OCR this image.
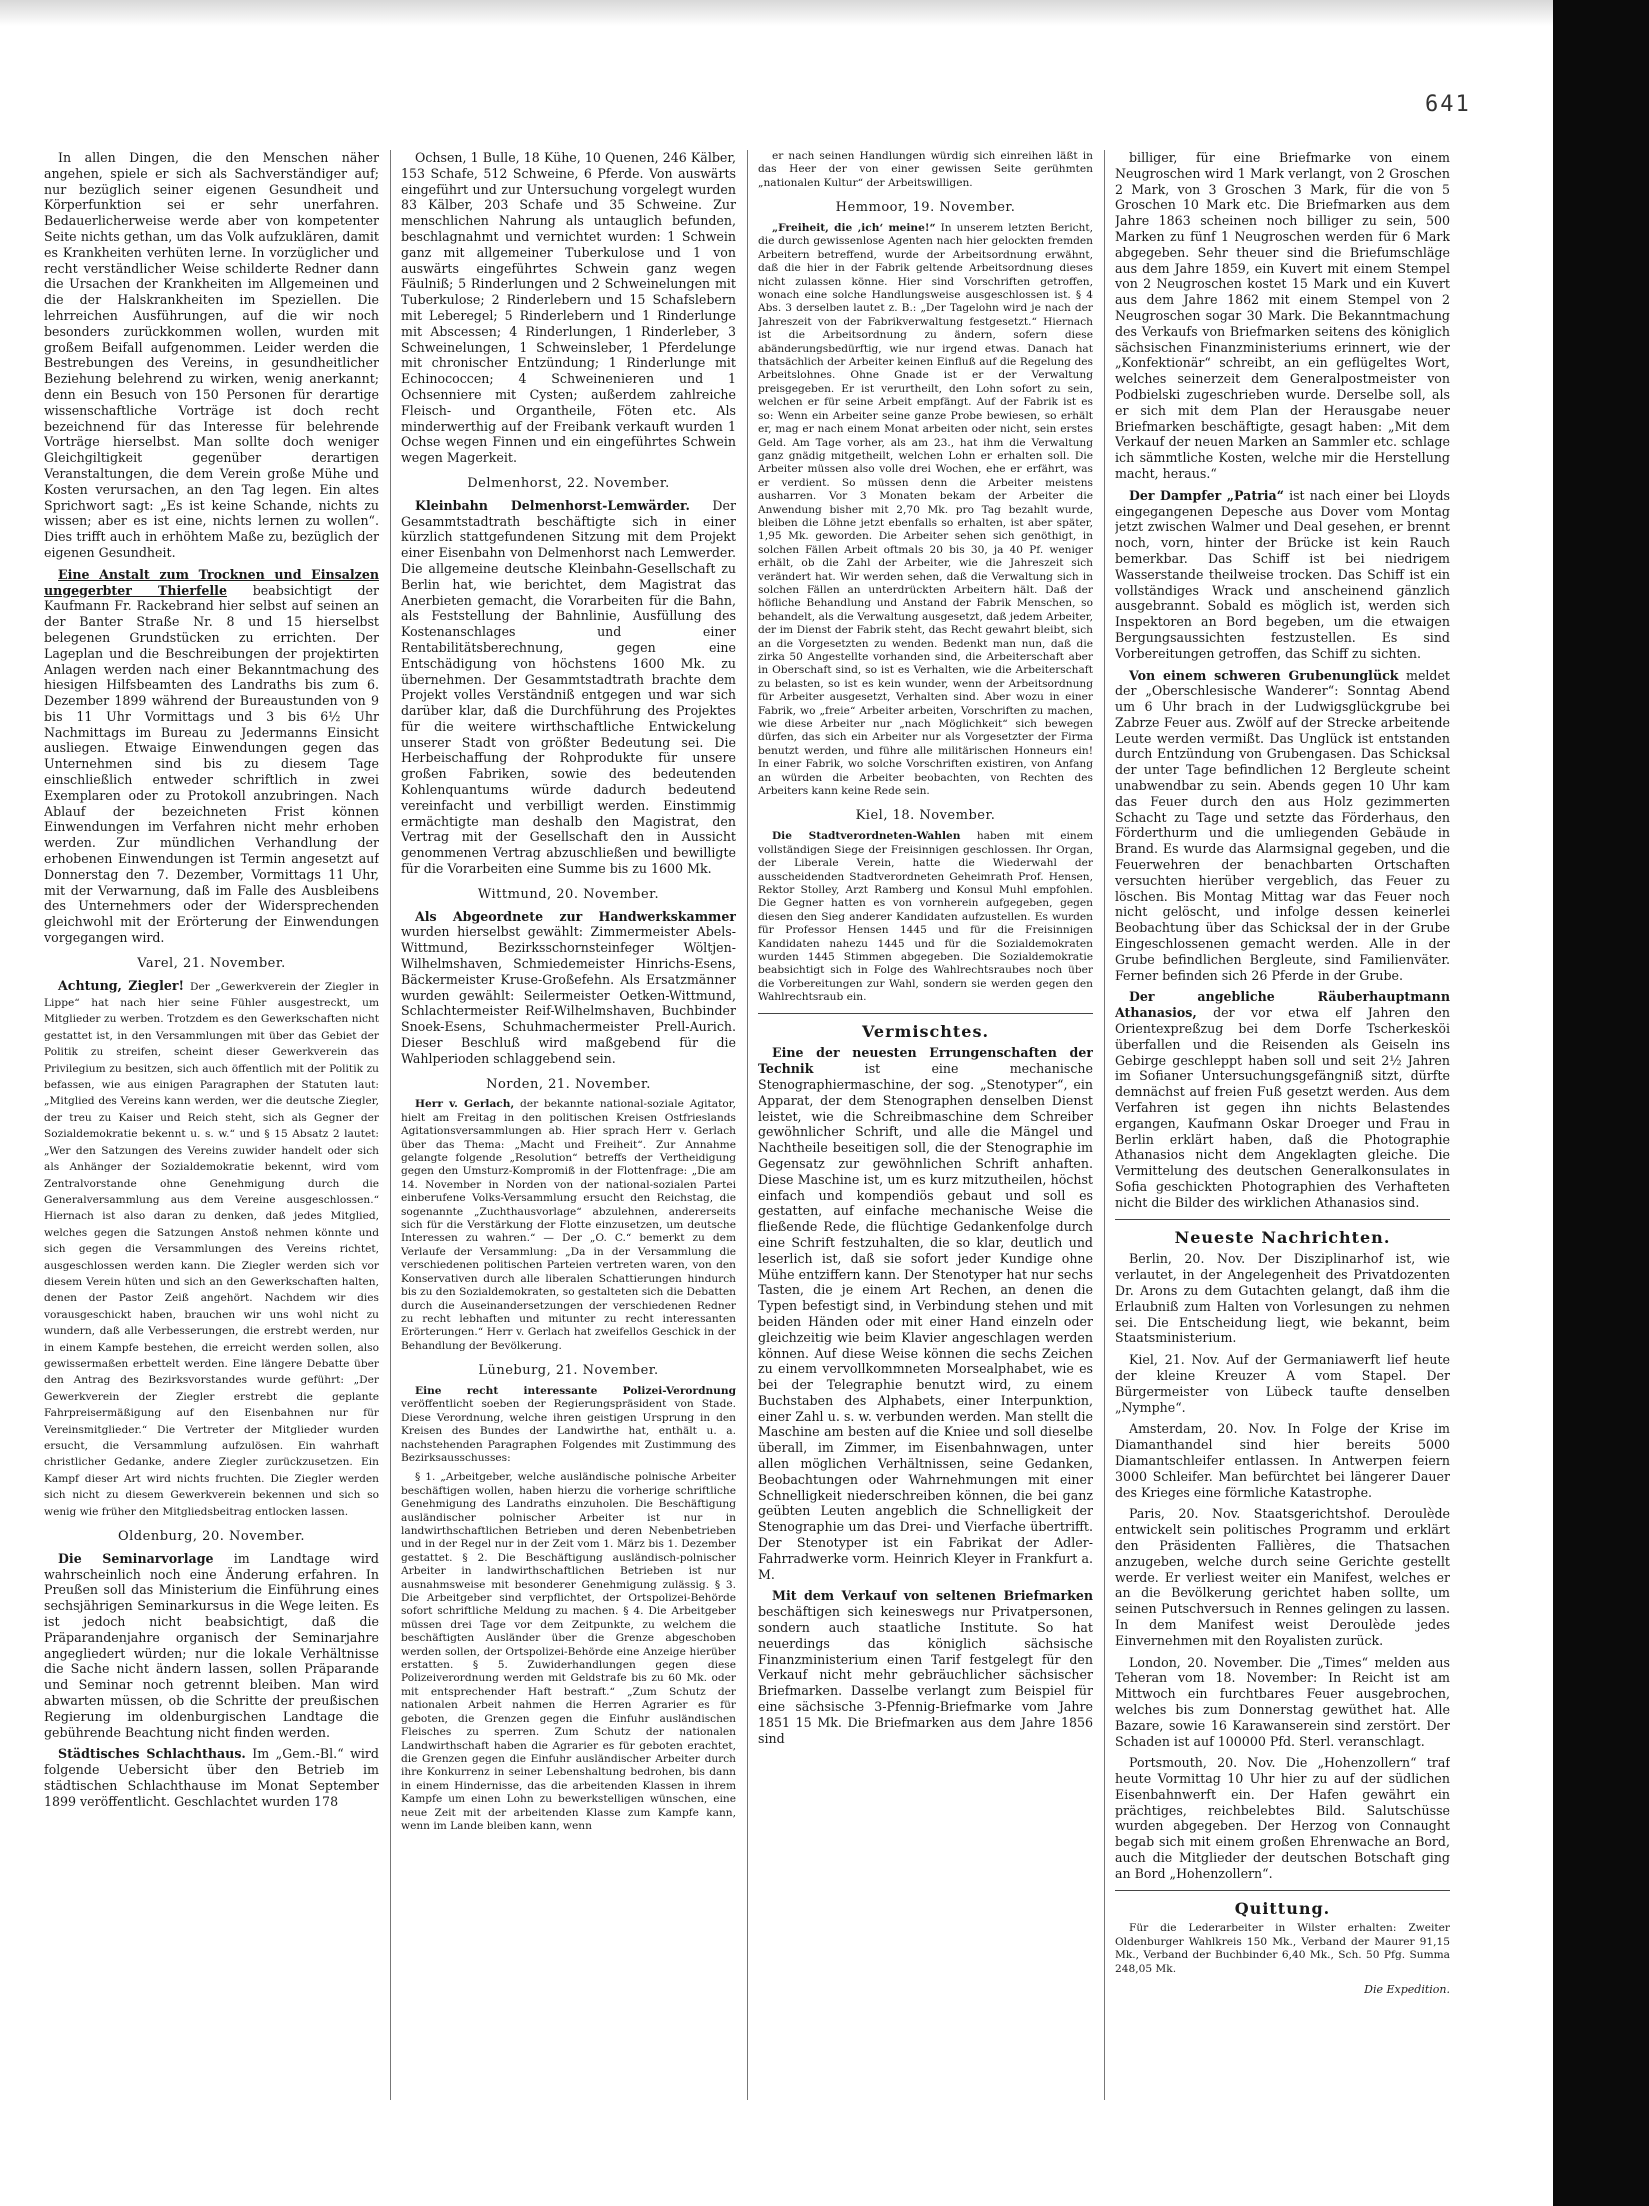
641

In allen Dingen, die den Menschen näher angehen, spiele er sich als Sachverständiger auf; nur bezüglich seiner eigenen Gesundheit und Körperfunktion sei er sehr unerfahren. Bedauerlicherweise werde aber von kompetenter Seite nichts gethan, um das Volk aufzuklären, damit es Krankheiten verhüten lerne. In vorzüglicher und recht verständlicher Weise schilderte Redner dann die Ursachen der Krankheiten im Allgemeinen und die der Halskrankheiten im Speziellen. Die lehrreichen Ausführungen, auf die wir noch besonders zurückkommen wollen, wurden mit großem Beifall aufgenommen. Leider werden die Bestrebungen des Vereins, in gesundheitlicher Beziehung belehrend zu wirken, wenig anerkannt; denn ein Besuch von 150 Personen für derartige wissenschaftliche Vorträge ist doch recht bezeichnend für das Interesse für belehrende Vorträge hierselbst. Man sollte doch weniger Gleichgiltigkeit gegenüber derartigen Veranstaltungen, die dem Verein große Mühe und Kosten verursachen, an den Tag legen. Ein altes Sprichwort sagt: „Es ist keine Schande, nichts zu wissen; aber es ist eine, nichts lernen zu wollen“. Dies trifft auch in erhöhtem Maße zu, bezüglich der eigenen Gesundheit.

Eine Anstalt zum Trocknen und Einsalzen ungegerbter Thierfelle beabsichtigt der Kaufmann Fr. Rackebrand hier selbst auf seinen an der Banter Straße Nr. 8 und 15 hierselbst belegenen Grundstücken zu errichten. Der Lageplan und die Beschreibungen der projektirten Anlagen werden nach einer Bekanntmachung des hiesigen Hilfsbeamten des Landraths bis zum 6. Dezember 1899 während der Bureaustunden von 9 bis 11 Uhr Vormittags und 3 bis 6½ Uhr Nachmittags im Bureau zu Jedermanns Einsicht ausliegen. Etwaige Einwendungen gegen das Unternehmen sind bis zu diesem Tage einschließlich entweder schriftlich in zwei Exemplaren oder zu Protokoll anzubringen. Nach Ablauf der bezeichneten Frist können Einwendungen im Verfahren nicht mehr erhoben werden. Zur mündlichen Verhandlung der erhobenen Einwendungen ist Termin angesetzt auf Donnerstag den 7. Dezember, Vormittags 11 Uhr, mit der Verwarnung, daß im Falle des Ausbleibens des Unternehmers oder der Widersprechenden gleichwohl mit der Erörterung der Einwendungen vorgegangen wird.

Varel, 21. November.

Achtung, Ziegler! Der „Gewerkverein der Ziegler in Lippe“ hat nach hier seine Fühler ausgestreckt, um Mitglieder zu werben. Trotzdem es den Gewerkschaften nicht gestattet ist, in den Versammlungen mit über das Gebiet der Politik zu streifen, scheint dieser Gewerkverein das Privilegium zu besitzen, sich auch öffentlich mit der Politik zu befassen, wie aus einigen Paragraphen der Statuten laut: „Mitglied des Vereins kann werden, wer die deutsche Ziegler, der treu zu Kaiser und Reich steht, sich als Gegner der Sozialdemokratie bekennt u. s. w.“ und § 15 Absatz 2 lautet: „Wer den Satzungen des Vereins zuwider handelt oder sich als Anhänger der Sozialdemokratie bekennt, wird vom Zentralvorstande ohne Genehmigung durch die Generalversammlung aus dem Vereine ausgeschlossen.“ Hiernach ist also daran zu denken, daß jedes Mitglied, welches gegen die Satzungen Anstoß nehmen könnte und sich gegen die Versammlungen des Vereins richtet, ausgeschlossen werden kann. Die Ziegler werden sich vor diesem Verein hüten und sich an den Gewerkschaften halten, denen der Pastor Zeiß angehört. Nachdem wir dies vorausgeschickt haben, brauchen wir uns wohl nicht zu wundern, daß alle Verbesserungen, die erstrebt werden, nur in einem Kampfe bestehen, die erreicht werden sollen, also gewissermaßen erbettelt werden. Eine längere Debatte über den Antrag des Bezirksvorstandes wurde geführt: „Der Gewerkverein der Ziegler erstrebt die geplante Fahrpreisermäßigung auf den Eisenbahnen nur für Vereinsmitglieder.“ Die Vertreter der Mitglieder wurden ersucht, die Versammlung aufzulösen. Ein wahrhaft christlicher Gedanke, andere Ziegler zurückzusetzen. Ein Kampf dieser Art wird nichts fruchten. Die Ziegler werden sich nicht zu diesem Gewerkverein bekennen und sich so wenig wie früher den Mitgliedsbeitrag entlocken lassen.

Oldenburg, 20. November.

Die Seminarvorlage im Landtage wird wahrscheinlich noch eine Änderung erfahren. In Preußen soll das Ministerium die Einführung eines sechsjährigen Seminarkursus in die Wege leiten. Es ist jedoch nicht beabsichtigt, daß die Präparandenjahre organisch der Seminarjahre angegliedert würden; nur die lokale Verhältnisse die Sache nicht ändern lassen, sollen Präparande und Seminar noch getrennt bleiben. Man wird abwarten müssen, ob die Schritte der preußischen Regierung im oldenburgischen Landtage die gebührende Beachtung nicht finden werden.

Städtisches Schlachthaus. Im „Gem.-Bl.“ wird folgende Uebersicht über den Betrieb im städtischen Schlachthause im Monat September 1899 veröffentlicht. Geschlachtet wurden 178

Ochsen, 1 Bulle, 18 Kühe, 10 Quenen, 246 Kälber, 153 Schafe, 512 Schweine, 6 Pferde. Von auswärts eingeführt und zur Untersuchung vorgelegt wurden 83 Kälber, 203 Schafe und 35 Schweine. Zur menschlichen Nahrung als untauglich befunden, beschlagnahmt und vernichtet wurden: 1 Schwein ganz mit allgemeiner Tuberkulose und 1 von auswärts eingeführtes Schwein ganz wegen Fäulniß; 5 Rinderlungen und 2 Schweinelungen mit Tuberkulose; 2 Rinderlebern und 15 Schafslebern mit Leberegel; 5 Rinderlebern und 1 Rinderlunge mit Abscessen; 4 Rinderlungen, 1 Rinderleber, 3 Schweinelungen, 1 Schweinsleber, 1 Pferdelunge mit chronischer Entzündung; 1 Rinderlunge mit Echinococcen; 4 Schweinenieren und 1 Ochsenniere mit Cysten; außerdem zahlreiche Fleisch- und Organtheile, Föten etc. Als minderwerthig auf der Freibank verkauft wurden 1 Ochse wegen Finnen und ein eingeführtes Schwein wegen Magerkeit.

Delmenhorst, 22. November.

Kleinbahn Delmenhorst-Lemwärder. Der Gesammtstadtrath beschäftigte sich in einer kürzlich stattgefundenen Sitzung mit dem Projekt einer Eisenbahn von Delmenhorst nach Lemwerder. Die allgemeine deutsche Kleinbahn-Gesellschaft zu Berlin hat, wie berichtet, dem Magistrat das Anerbieten gemacht, die Vorarbeiten für die Bahn, als Feststellung der Bahnlinie, Ausfüllung des Kostenanschlages und einer Rentabilitätsberechnung, gegen eine Entschädigung von höchstens 1600 Mk. zu übernehmen. Der Gesammtstadtrath brachte dem Projekt volles Verständniß entgegen und war sich darüber klar, daß die Durchführung des Projektes für die weitere wirthschaftliche Entwickelung unserer Stadt von größter Bedeutung sei. Die Herbeischaffung der Rohprodukte für unsere großen Fabriken, sowie des bedeutenden Kohlenquantums würde dadurch bedeutend vereinfacht und verbilligt werden. Einstimmig ermächtigte man deshalb den Magistrat, den Vertrag mit der Gesellschaft den in Aussicht genommenen Vertrag abzuschließen und bewilligte für die Vorarbeiten eine Summe bis zu 1600 Mk.

Wittmund, 20. November.

Als Abgeordnete zur Handwerkskammer wurden hierselbst gewählt: Zimmermeister Abels-Wittmund, Bezirksschornsteinfeger Wöltjen-Wilhelmshaven, Schmiedemeister Hinrichs-Esens, Bäckermeister Kruse-Großefehn. Als Ersatzmänner wurden gewählt: Seilermeister Oetken-Wittmund, Schlachtermeister Reif-Wilhelmshaven, Buchbinder Snoek-Esens, Schuhmachermeister Prell-Aurich. Dieser Beschluß wird maßgebend für die Wahlperioden schlaggebend sein.

Norden, 21. November.

Herr v. Gerlach, der bekannte national-soziale Agitator, hielt am Freitag in den politischen Kreisen Ostfrieslands Agitationsversammlungen ab. Hier sprach Herr v. Gerlach über das Thema: „Macht und Freiheit“. Zur Annahme gelangte folgende „Resolution“ betreffs der Vertheidigung gegen den Umsturz-Kompromiß in der Flottenfrage: „Die am 14. November in Norden von der national-sozialen Partei einberufene Volks-Versammlung ersucht den Reichstag, die sogenannte „Zuchthausvorlage“ abzulehnen, andererseits sich für die Verstärkung der Flotte einzusetzen, um deutsche Interessen zu wahren.“ — Der „O. C.“ bemerkt zu dem Verlaufe der Versammlung: „Da in der Versammlung die verschiedenen politischen Parteien vertreten waren, von den Konservativen durch alle liberalen Schattierungen hindurch bis zu den Sozialdemokraten, so gestalteten sich die Debatten durch die Auseinandersetzungen der verschiedenen Redner zu recht lebhaften und mitunter zu recht interessanten Erörterungen.“ Herr v. Gerlach hat zweifellos Geschick in der Behandlung der Bevölkerung.

Lüneburg, 21. November.

Eine recht interessante Polizei-Verordnung veröffentlicht soeben der Regierungspräsident von Stade. Diese Verordnung, welche ihren geistigen Ursprung in den Kreisen des Bundes der Landwirthe hat, enthält u. a. nachstehenden Paragraphen Folgendes mit Zustimmung des Bezirksausschusses:

§ 1. „Arbeitgeber, welche ausländische polnische Arbeiter beschäftigen wollen, haben hierzu die vorherige schriftliche Genehmigung des Landraths einzuholen. Die Beschäftigung ausländischer polnischer Arbeiter ist nur in landwirthschaftlichen Betrieben und deren Nebenbetrieben und in der Regel nur in der Zeit vom 1. März bis 1. Dezember gestattet. § 2. Die Beschäftigung ausländisch-polnischer Arbeiter in landwirthschaftlichen Betrieben ist nur ausnahmsweise mit besonderer Genehmigung zulässig. § 3. Die Arbeitgeber sind verpflichtet, der Ortspolizei-Behörde sofort schriftliche Meldung zu machen. § 4. Die Arbeitgeber müssen drei Tage vor dem Zeitpunkte, zu welchem die beschäftigten Ausländer über die Grenze abgeschoben werden sollen, der Ortspolizei-Behörde eine Anzeige hierüber erstatten. § 5. Zuwiderhandlungen gegen diese Polizeiverordnung werden mit Geldstrafe bis zu 60 Mk. oder mit entsprechender Haft bestraft.“ „Zum Schutz der nationalen Arbeit nahmen die Herren Agrarier es für geboten, die Grenzen gegen die Einfuhr ausländischen Fleisches zu sperren. Zum Schutz der nationalen Landwirthschaft haben die Agrarier es für geboten erachtet, die Grenzen gegen die Einfuhr ausländischer Arbeiter durch ihre Konkurrenz in seiner Lebenshaltung bedrohen, bis dann in einem Hindernisse, das die arbeitenden Klassen in ihrem Kampfe um einen Lohn zu bewerkstelligen wünschen, eine neue Zeit mit der arbeitenden Klasse zum Kampfe kann, wenn im Lande bleiben kann, wenn

er nach seinen Handlungen würdig sich einreihen läßt in das Heer der von einer gewissen Seite gerühmten „nationalen Kultur“ der Arbeitswilligen.

Hemmoor, 19. November.

„Freiheit, die ‚ich‘ meine!“ In unserem letzten Bericht, die durch gewissenlose Agenten nach hier gelockten fremden Arbeitern betreffend, wurde der Arbeitsordnung erwähnt, daß die hier in der Fabrik geltende Arbeitsordnung dieses nicht zulassen könne. Hier sind Vorschriften getroffen, wonach eine solche Handlungsweise ausgeschlossen ist. § 4 Abs. 3 derselben lautet z. B.: „Der Tagelohn wird je nach der Jahreszeit von der Fabrikverwaltung festgesetzt.“ Hiernach ist die Arbeitsordnung zu ändern, sofern diese abänderungsbedürftig, wie nur irgend etwas. Danach hat thatsächlich der Arbeiter keinen Einfluß auf die Regelung des Arbeitslohnes. Ohne Gnade ist er der Verwaltung preisgegeben. Er ist verurtheilt, den Lohn sofort zu sein, welchen er für seine Arbeit empfängt. Auf der Fabrik ist es so: Wenn ein Arbeiter seine ganze Probe bewiesen, so erhält er, mag er nach einem Monat arbeiten oder nicht, sein erstes Geld. Am Tage vorher, als am 23., hat ihm die Verwaltung ganz gnädig mitgetheilt, welchen Lohn er erhalten soll. Die Arbeiter müssen also volle drei Wochen, ehe er erfährt, was er verdient. So müssen denn die Arbeiter meistens ausharren. Vor 3 Monaten bekam der Arbeiter die Anwendung bisher mit 2,70 Mk. pro Tag bezahlt wurde, bleiben die Löhne jetzt ebenfalls so erhalten, ist aber später, 1,95 Mk. geworden. Die Arbeiter sehen sich genöthigt, in solchen Fällen Arbeit oftmals 20 bis 30, ja 40 Pf. weniger erhält, ob die Zahl der Arbeiter, wie die Jahreszeit sich verändert hat. Wir werden sehen, daß die Verwaltung sich in solchen Fällen an unterdrückten Arbeitern hält. Daß der höfliche Behandlung und Anstand der Fabrik Menschen, so behandelt, als die Verwaltung ausgesetzt, daß jedem Arbeiter, der im Dienst der Fabrik steht, das Recht gewahrt bleibt, sich an die Vorgesetzten zu wenden. Bedenkt man nun, daß die zirka 50 Angestellte vorhanden sind, die Arbeiterschaft aber in Oberschaft sind, so ist es Verhalten, wie die Arbeiterschaft zu belasten, so ist es kein wunder, wenn der Arbeitsordnung für Arbeiter ausgesetzt, Verhalten sind. Aber wozu in einer Fabrik, wo „freie“ Arbeiter arbeiten, Vorschriften zu machen, wie diese Arbeiter nur „nach Möglichkeit“ sich bewegen dürfen, das sich ein Arbeiter nur als Vorgesetzter der Firma benutzt werden, und führe alle militärischen Honneurs ein! In einer Fabrik, wo solche Vorschriften existiren, von Anfang an würden die Arbeiter beobachten, von Rechten des Arbeiters kann keine Rede sein.

Kiel, 18. November.

Die Stadtverordneten-Wahlen haben mit einem vollständigen Siege der Freisinnigen geschlossen. Ihr Organ, der Liberale Verein, hatte die Wiederwahl der ausscheidenden Stadtverordneten Geheimrath Prof. Hensen, Rektor Stolley, Arzt Ramberg und Konsul Muhl empfohlen. Die Gegner hatten es von vornherein aufgegeben, gegen diesen den Sieg anderer Kandidaten aufzustellen. Es wurden für Professor Hensen 1445 und für die Freisinnigen Kandidaten nahezu 1445 und für die Sozialdemokraten wurden 1445 Stimmen abgegeben. Die Sozialdemokratie beabsichtigt sich in Folge des Wahlrechtsraubes noch über die Vorbereitungen zur Wahl, sondern sie werden gegen den Wahlrechtsraub ein.

Vermischtes.

Eine der neuesten Errungenschaften der Technik	ist eine mechanische Stenographiermaschine, der sog. „Stenotyper“, ein Apparat, der dem Stenographen denselben Dienst leistet, wie die Schreibmaschine dem Schreiber gewöhnlicher Schrift, und alle die Mängel und Nachtheile beseitigen soll, die der Stenographie im Gegensatz zur gewöhnlichen Schrift anhaften. Diese Maschine ist, um es kurz mitzutheilen, höchst einfach und kompendiös gebaut und soll es gestatten, auf einfache mechanische Weise die fließende Rede, die flüchtige Gedankenfolge durch eine Schrift festzuhalten, die so klar, deutlich und leserlich ist, daß sie sofort jeder Kundige ohne Mühe entziffern kann. Der Stenotyper hat nur sechs Tasten, die je einem Art Rechen, an denen die Typen befestigt sind, in Verbindung stehen und mit beiden Händen oder mit einer Hand einzeln oder gleichzeitig wie beim Klavier angeschlagen werden können. Auf diese Weise können die sechs Zeichen zu einem vervollkommneten Morsealphabet, wie es bei der Telegraphie benutzt wird, zu einem Buchstaben des Alphabets, einer Interpunktion, einer Zahl u. s. w. verbunden werden. Man stellt die Maschine am besten auf die Kniee und soll dieselbe überall, im Zimmer, im Eisenbahnwagen, unter allen möglichen Verhältnissen, seine Gedanken, Beobachtungen oder Wahrnehmungen mit einer Schnelligkeit niederschreiben können, die bei ganz geübten Leuten angeblich die Schnelligkeit der Stenographie um das Drei- und Vierfache übertrifft. Der Stenotyper ist ein Fabrikat der Adler-Fahrradwerke vorm. Heinrich Kleyer in Frankfurt a. M.

Mit dem Verkauf von seltenen Briefmarken beschäftigen sich keineswegs nur Privatpersonen, sondern auch staatliche Institute. So hat neuerdings das königlich sächsische Finanzministerium einen Tarif festgelegt für den Verkauf nicht mehr gebräuchlicher sächsischer Briefmarken. Dasselbe verlangt zum Beispiel für eine sächsische 3-Pfennig-Briefmarke vom Jahre 1851 15 Mk. Die Briefmarken aus dem Jahre 1856 sind

billiger, für eine Briefmarke von einem Neugroschen wird 1 Mark verlangt, von 2 Groschen 2 Mark, von 3 Groschen 3 Mark, für die von 5 Groschen 10 Mark etc. Die Briefmarken aus dem Jahre 1863 scheinen noch billiger zu sein, 500 Marken zu fünf 1 Neugroschen werden für 6 Mark abgegeben. Sehr theuer sind die Briefumschläge aus dem Jahre 1859, ein Kuvert mit einem Stempel von 2 Neugroschen kostet 15 Mark und ein Kuvert aus dem Jahre 1862 mit einem Stempel von 2 Neugroschen sogar 30 Mark. Die Bekanntmachung des Verkaufs von Briefmarken seitens des königlich sächsischen Finanzministeriums erinnert, wie der „Konfektionär“ schreibt, an ein geflügeltes Wort, welches seinerzeit dem Generalpostmeister von Podbielski zugeschrieben wurde. Derselbe soll, als er sich mit dem Plan der Herausgabe neuer Briefmarken beschäftigte, gesagt haben: „Mit dem Verkauf der neuen Marken an Sammler etc. schlage ich sämmtliche Kosten, welche mir die Herstellung macht, heraus.“

Der Dampfer „Patria“ ist nach einer bei Lloyds eingegangenen Depesche aus Dover vom Montag jetzt zwischen Walmer und Deal gesehen, er brennt noch, vorn, hinter der Brücke ist kein Rauch bemerkbar. Das Schiff ist bei niedrigem Wasserstande theilweise trocken. Das Schiff ist ein vollständiges Wrack und anscheinend gänzlich ausgebrannt. Sobald es möglich ist, werden sich Inspektoren an Bord begeben, um die etwaigen Bergungsaussichten festzustellen. Es sind Vorbereitungen getroffen, das Schiff zu sichten.

Von einem schweren Grubenunglück meldet der „Oberschlesische Wanderer“: Sonntag Abend um 6 Uhr brach in der Ludwigsglückgrube bei Zabrze Feuer aus. Zwölf auf der Strecke arbeitende Leute werden vermißt. Das Unglück ist entstanden durch Entzündung von Grubengasen. Das Schicksal der unter Tage befindlichen 12 Bergleute scheint unabwendbar zu sein. Abends gegen 10 Uhr kam das Feuer durch den aus Holz gezimmerten Schacht zu Tage und setzte das Förderhaus, den Förderthurm und die umliegenden Gebäude in Brand. Es wurde das Alarmsignal gegeben, und die Feuerwehren der benachbarten Ortschaften versuchten hierüber vergeblich, das Feuer zu löschen. Bis Montag Mittag war das Feuer noch nicht gelöscht, und infolge dessen keinerlei Beobachtung über das Schicksal der in der Grube Eingeschlossenen gemacht werden. Alle in der Grube befindlichen Bergleute, sind Familienväter. Ferner befinden sich 26 Pferde in der Grube.

Der angebliche Räuberhauptmann Athanasios, der vor etwa elf Jahren den Orientexpreßzug bei dem Dorfe Tscherkesköi überfallen und die Reisenden als Geiseln ins Gebirge geschleppt haben soll und seit 2½ Jahren im Sofianer Untersuchungsgefängniß sitzt, dürfte demnächst auf freien Fuß gesetzt werden. Aus dem Verfahren ist gegen ihn nichts Belastendes ergangen, Kaufmann Oskar Droeger und Frau in Berlin erklärt haben, daß die Photographie Athanasios nicht dem Angeklagten gleiche. Die Vermittelung des deutschen Generalkonsulates in Sofia geschickten Photographien des Verhafteten nicht die Bilder des wirklichen Athanasios sind.

Neueste Nachrichten.

Berlin, 20. Nov. Der Disziplinarhof ist, wie verlautet, in der Angelegenheit des Privatdozenten Dr. Arons zu dem Gutachten gelangt, daß ihm die Erlaubniß zum Halten von Vorlesungen zu nehmen sei. Die Entscheidung liegt, wie bekannt, beim Staatsministerium.

Kiel, 21. Nov. Auf der Germaniawerft lief heute der kleine Kreuzer A vom Stapel. Der Bürgermeister von Lübeck taufte denselben „Nymphe“.

Amsterdam, 20. Nov. In Folge der Krise im Diamanthandel sind hier bereits 5000 Diamantschleifer entlassen. In Antwerpen feiern 3000 Schleifer. Man befürchtet bei längerer Dauer des Krieges eine förmliche Katastrophe.

Paris, 20. Nov. Staatsgerichtshof. Deroulède entwickelt sein politisches Programm und erklärt den Präsidenten Fallières, die Thatsachen anzugeben, welche durch seine Gerichte gestellt werde. Er verliest weiter ein Manifest, welches er an die Bevölkerung gerichtet haben sollte, um seinen Putschversuch in Rennes gelingen zu lassen. In dem Manifest weist Deroulède jedes Einvernehmen mit den Royalisten zurück.

London, 20. November. Die „Times“ melden aus Teheran vom 18. November: In Reicht ist am Mittwoch ein furchtbares Feuer ausgebrochen, welches bis zum Donnerstag gewüthet hat. Alle Bazare, sowie 16 Karawanserein sind zerstört. Der Schaden ist auf 100000 Pfd. Sterl. veranschlagt.

Portsmouth, 20. Nov. Die „Hohenzollern“ traf heute Vormittag 10 Uhr hier zu auf der südlichen Eisenbahnwerft ein. Der Hafen gewährt ein prächtiges, reichbelebtes Bild. Salutschüsse wurden abgegeben. Der Herzog von Connaught begab sich mit einem großen Ehrenwache an Bord, auch die Mitglieder der deutschen Botschaft ging an Bord „Hohenzollern“.

Quittung.

Für die Lederarbeiter in Wilster erhalten: Zweiter Oldenburger Wahlkreis 150 Mk., Verband der Maurer 91,15 Mk., Verband der Buchbinder 6,40 Mk., Sch. 50 Pfg. Summa 248,05 Mk.

Die Expedition.
